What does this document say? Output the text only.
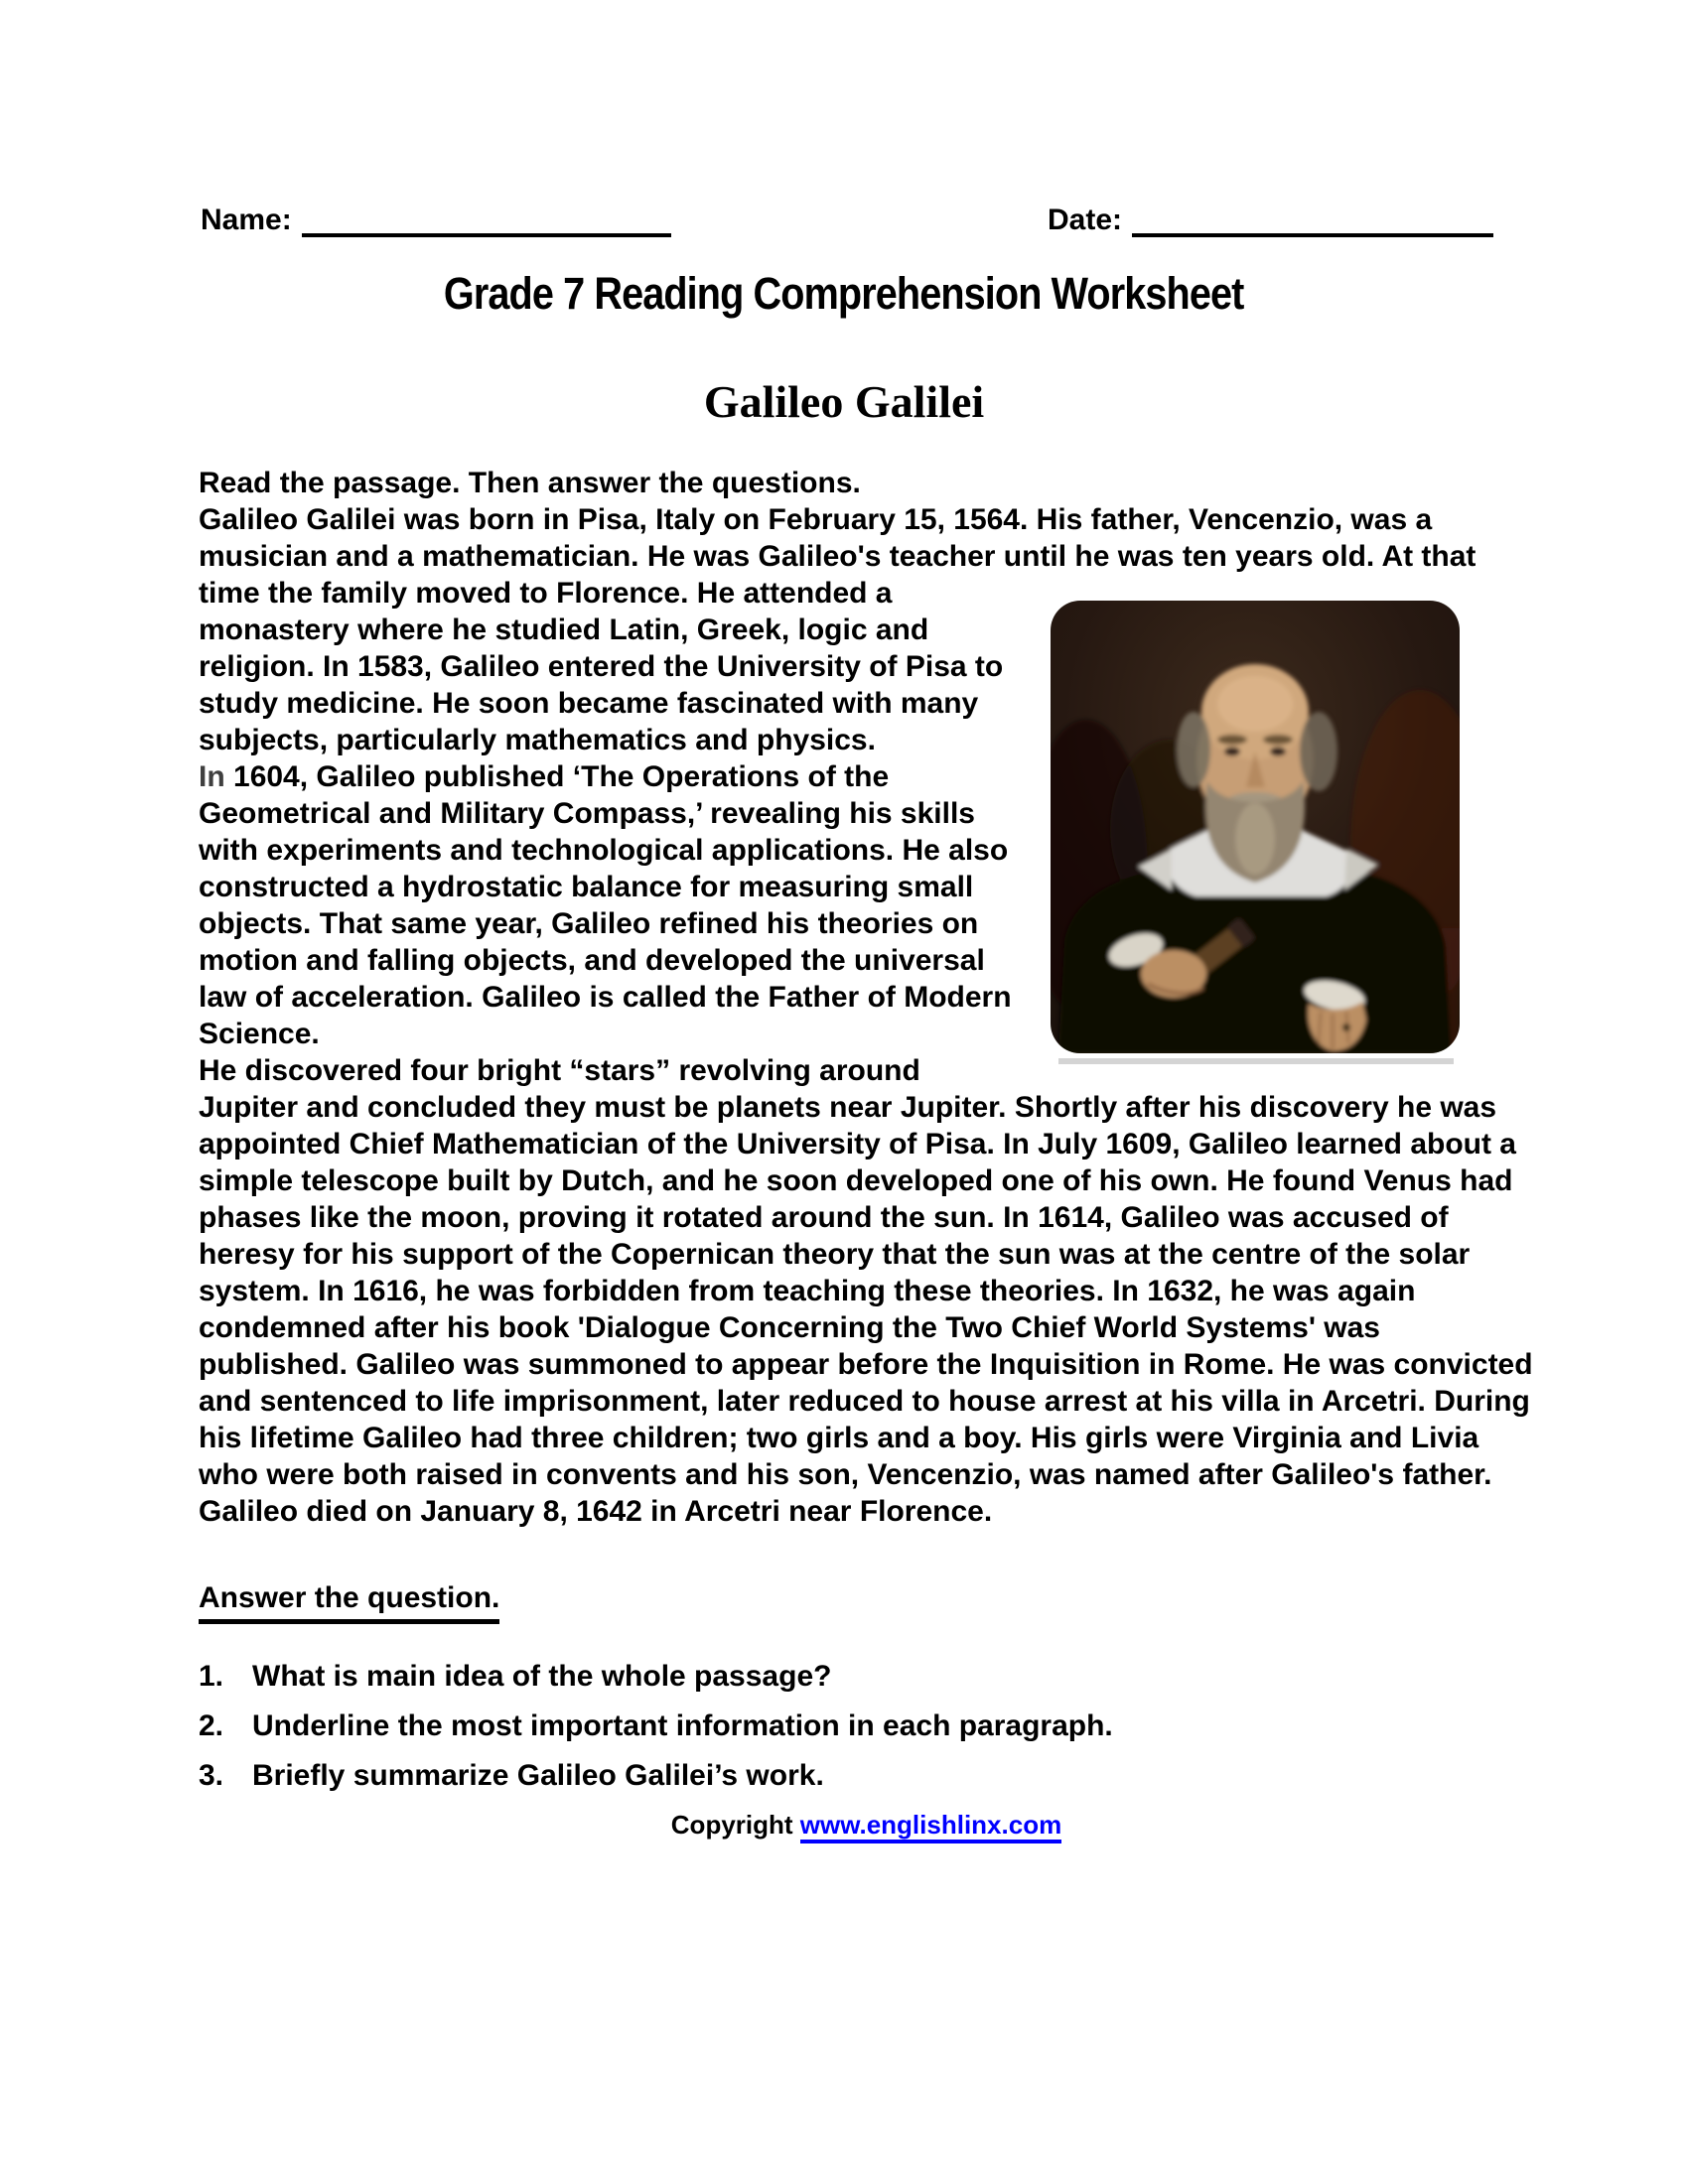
Name:	Date:
Grade 7 Reading Comprehension Worksheet
Galileo Galilei
Read the passage. Then answer the questions.

Galileo Galilei was born in Pisa, Italy on February 15, 1564. His father, Vencenzio, was a musician and a mathematician. He was Galileo's teacher until he was ten
years old. At that time the family moved to Florence. He attended a monastery where he studied Latin, Greek, logic and religion. In 1583, Galileo entered the University of Pisa to study medicine. He soon became fascinated with many subjects, particularly mathematics and physics.

In 1604, Galileo published ‘The Operations of the Geometrical and Military Compass,’ revealing his skills with experiments and technological applications. He also constructed a hydrostatic balance for measuring small objects. That same year, Galileo refined his theories on motion and falling objects, and developed the universal law of acceleration. Galileo is called the Father of Modern Science.

He discovered four bright “stars” revolving around Jupiter and concluded they must be planets near Jupiter. Shortly after his discovery he was appointed Chief Mathematician of the University of Pisa. In July 1609, Galileo learned about a simple telescope built by Dutch, and he soon developed one of his own. He found Venus had phases like the moon, proving it rotated around the sun. In 1614, Galileo was accused of heresy for his support of the Copernican theory that the sun was at the centre of the solar system. In 1616, he was forbidden from teaching these theories. In 1632, he was again condemned after his book 'Dialogue Concerning the Two Chief World Systems' was published. Galileo was summoned to appear before the Inquisition in Rome. He was convicted and sentenced to life imprisonment, later reduced to house arrest at his villa in Arcetri. During his lifetime Galileo had three children; two girls and a boy. His girls were Virginia and Livia who were both raised in convents and his son, Vencenzio, was named after Galileo's father. Galileo died on January 8, 1642 in Arcetri near Florence.

Answer the question.
1. What is main idea of the whole passage?
2. Underline the most important information in each paragraph.
3. Briefly summarize Galileo Galilei’s work.
Copyright www.englishlinx.com
